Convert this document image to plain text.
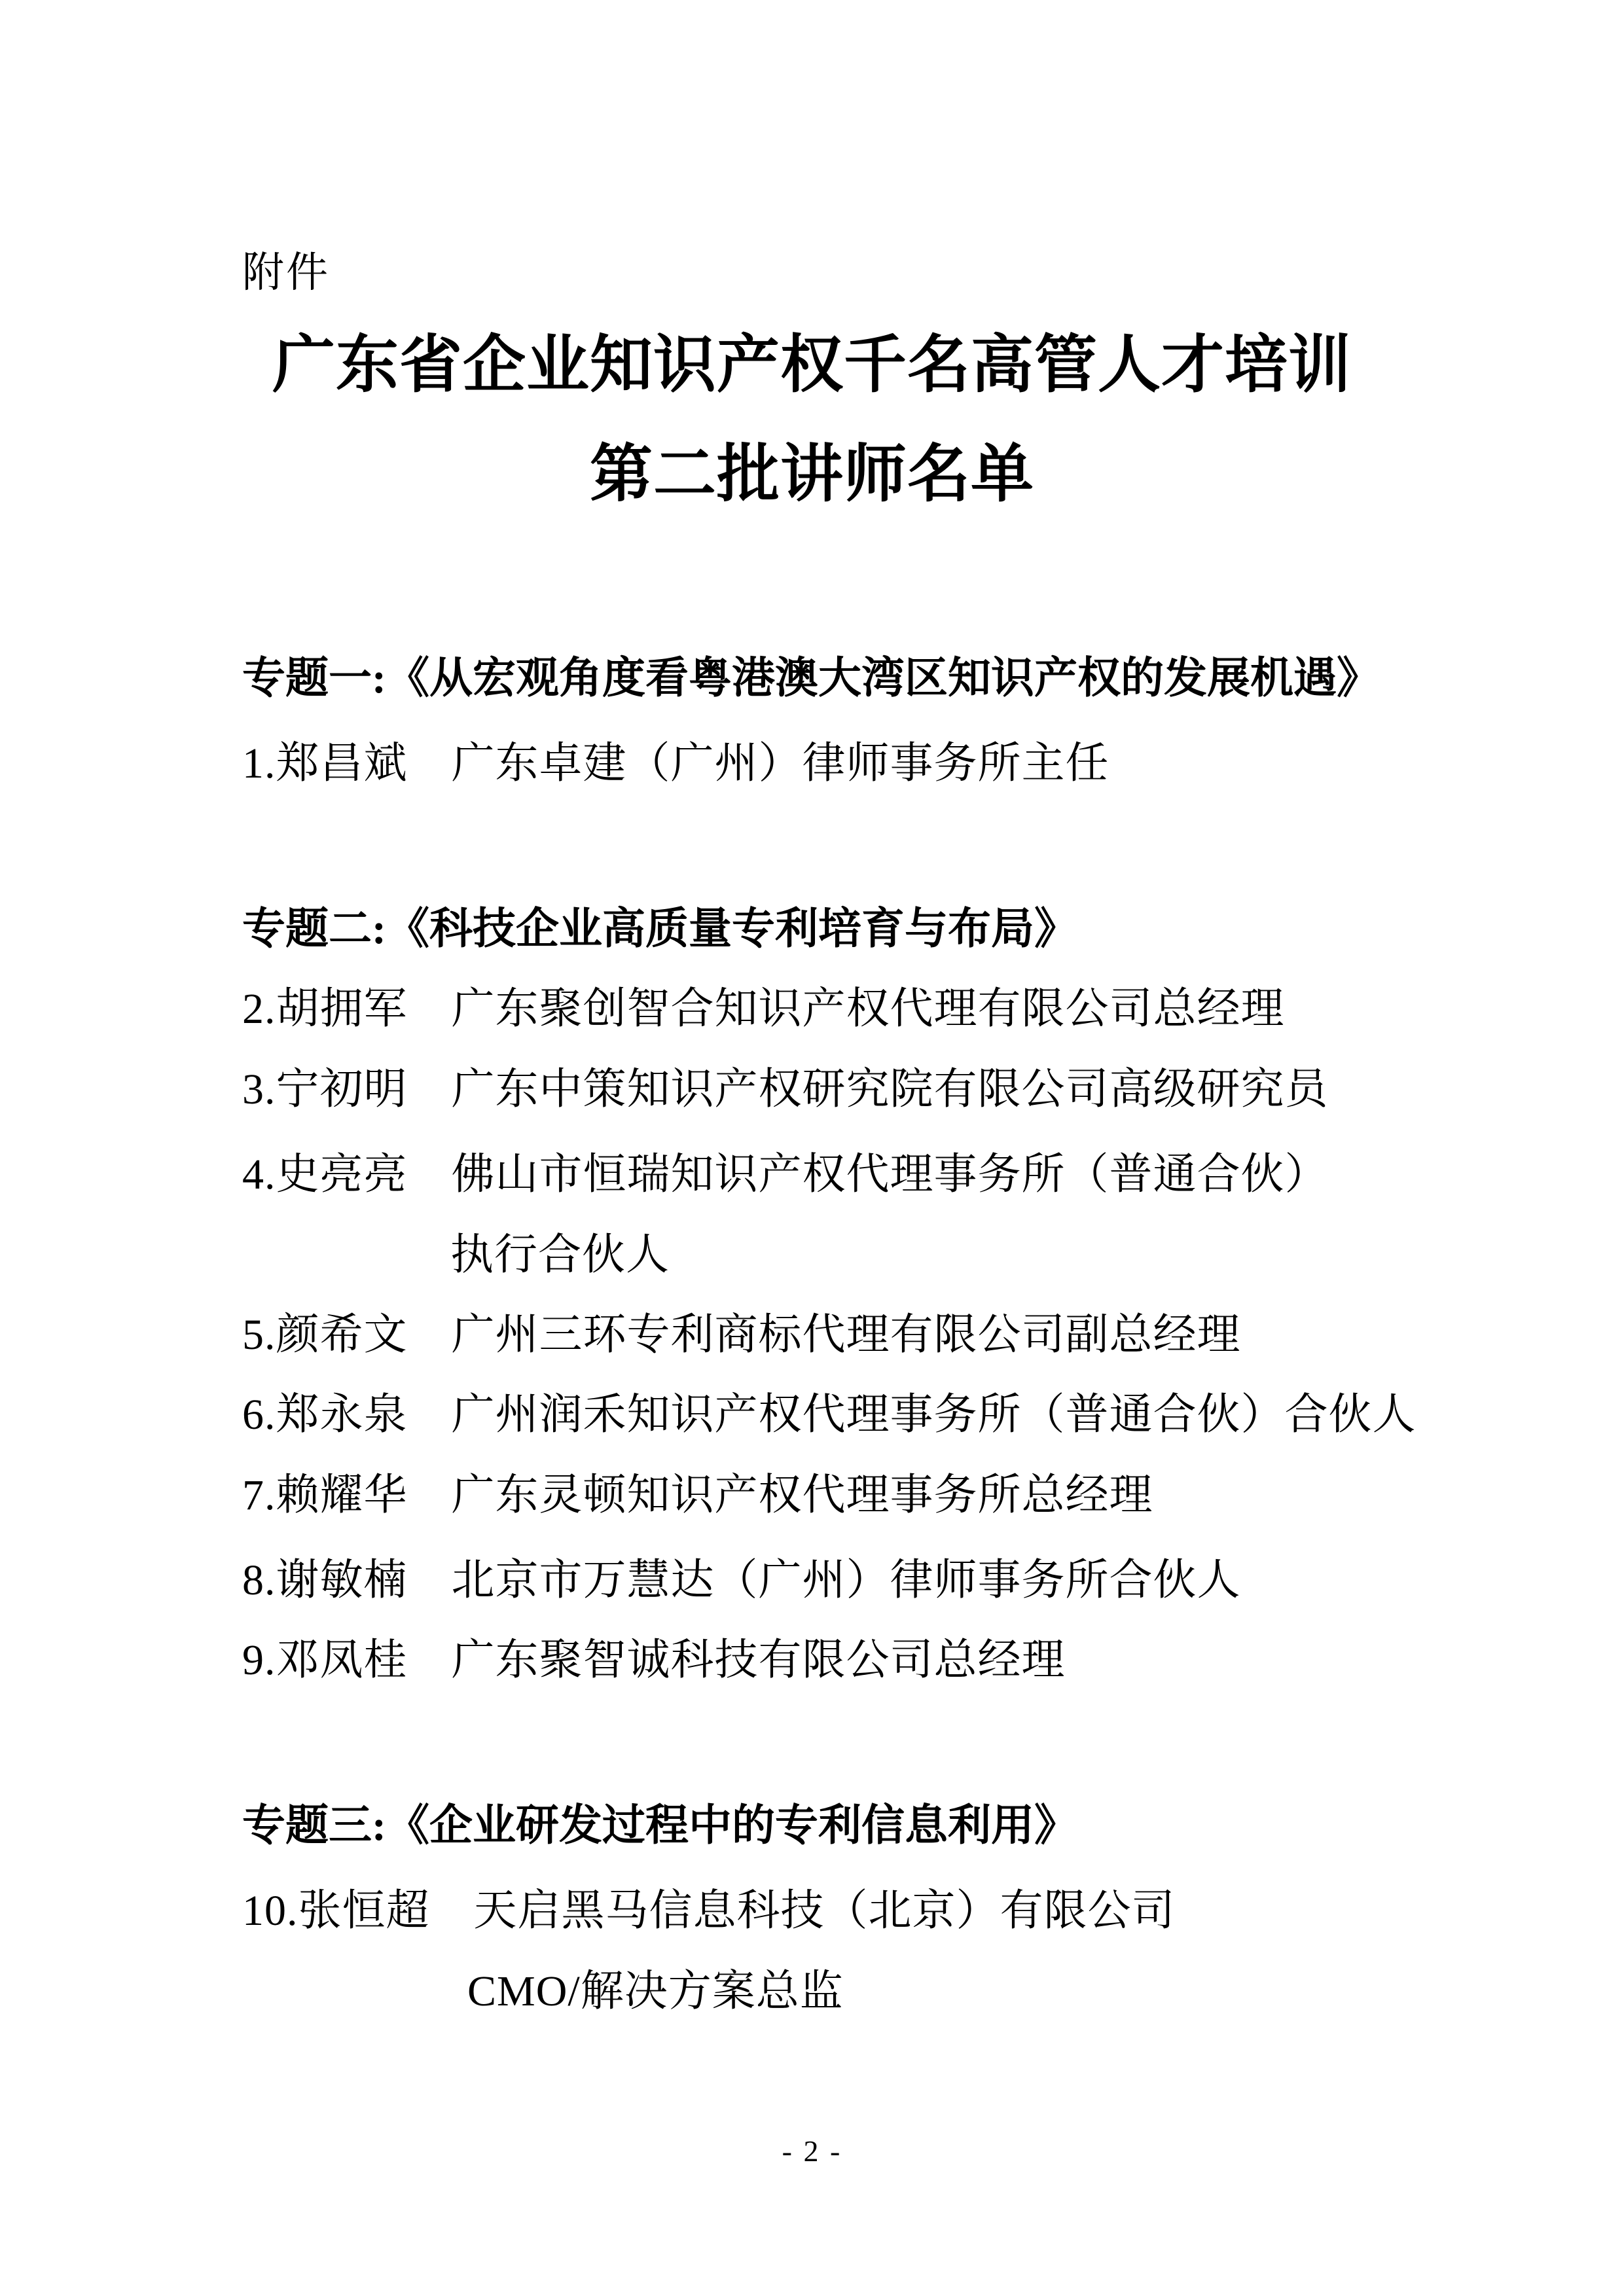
附件
广东省企业知识产权千名高管人才培训
第二批讲师名单
专题一:《从宏观角度看粤港澳大湾区知识产权的发展机遇》
1.郑昌斌　广东卓建（广州）律师事务所主任
专题二:《科技企业高质量专利培育与布局》
2.胡拥军　广东聚创智合知识产权代理有限公司总经理
3.宁初明　广东中策知识产权研究院有限公司高级研究员
4.史亮亮　佛山市恒瑞知识产权代理事务所（普通合伙）
执行合伙人
5.颜希文　广州三环专利商标代理有限公司副总经理
6.郑永泉　广州润禾知识产权代理事务所（普通合伙）合伙人
7.赖耀华　广东灵顿知识产权代理事务所总经理
8.谢敏楠　北京市万慧达（广州）律师事务所合伙人
9.邓凤桂　广东聚智诚科技有限公司总经理
专题三:《企业研发过程中的专利信息利用》
10.张恒超　天启黑马信息科技（北京）有限公司
CMO/解决方案总监
- 2 -
